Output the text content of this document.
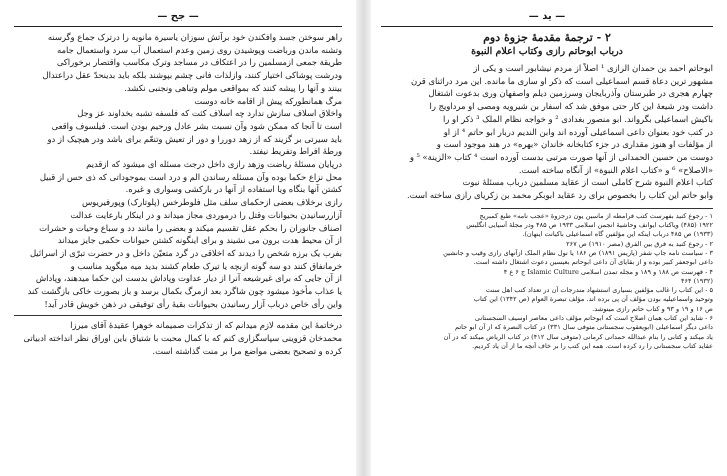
— جح —
راهر سوختن جسد وافکندن خود برآتش سوزان یاسیرة مانویه را درترک جماع وگرسنه
وتشنه ماندن ورباضت وپوشیدن روی زمین وعدم استعمال آب سرد واستعمال جامه
طریقة جمعی ازمسلمین را در اعتکاف در مساجد وترک مکاسب واقتصار برخوراکی
ودرشت پوشاکی اختیار کنند، وازلذات فانی چشم بپوشند بلکه باید بدینحدّ عقل دراعتدال
بینند و آنها را پیشه کنند که بمواقعی مولم وتباهی ونجنبی نکشد.
مرگ همانطورکه پیش از اقامه خانه دوست
واخلاق اسلاف سازش ندارد چه اسلاف کثت که فلسفه تشبه بخداوند عز وجل
است تا آنجا که ممکن شود وآن نسبت بشر عادل ورحیم بودن است. فیلسوف واقعی
باید سیرتی بر گزیند که از زهد دوررا و دور از تعیش وتنعّم برای باشد ودر هیچیک از دو
ورطهٔ افراط وتفریط نیفتد.
درپایان مسئلهٔ ریاضت وزهد رازی داخل درجث مسئله ای میشود که ازقدیم
محل نزاع حکما بوده وآن مسئله رساندن الم و درد است بموجوداتی که ذی حس از قبیل
کشتن آنها بنگاه ویا استفاده از آنها در بارکشی وسواری و غیره.
رازی برخلاف بعضی ازحکمای سلف مثل فلوطرخس (پلوتارک) وپورفیریوس
آزاررسانیدن بحیوانات وقتل را درموردی مجاز میداند و در اینکار بارعایت عدالت
اصناف جانوران را بحکم عقل تقسیم میکند و بعضی را مانند دد و سباع وحیات و حشرات
از آن محیط هدت برون می نشیند و برای اینگونه کشتن حیوانات حکمی جایز میداند
بفرب یک برزه شخص را دیدند که اخلاقی در گرد متعیّن داخل و در حضرت تبرّی از اسرائیل
خرمانفاق کنند دو سه گونه ازبچه یا تیرک طعام کشند بدید میه میگوید مناسب و
از آن جایی که برای غیرشیعه آنرا از دیار عداوت وپاداش بدست این حکما میدهند، وپاداش
یا عذاب مأخوذ میشود چون شاگرد بعد ازمرگ بکمال برسد و باز بصورت خاکی بازگشت کند
واین رأی خاص درباب آزار رسانیدن بحیوانات بقیهٔ رأی توفیقی در ذهن خویش قادر آید!
درخاتمهٔ این مقدمه لازم میدانم که از تذکرات صمیمانه خوهرا عقیدهٔ آقای میرزا
محمدخان قزوینی سپاسگزاری کنم که با کمال محبت با شتیاق باین اوراق نظر انداخته ادبیاتی
کرده و تصحیح بعضی مواضع مرا بر منت گذاشته است.
— ید —
۲ - ترجمهٔ مقدمهٔ جزوهٔ دوم
درباب ابوحاتم رازی وکتاب اعلام النبوة
ابوحاتم احمد بن حمدان الرازی ¹ اصلاً از مردم نیشابور است و یکی از
مشهور ترین دعاة قسم اسماعیلی است که ذکر او ساری ما مانده. این مرد دراثنای قرن
چهارم هجری در طبرستان وآذربایجان وسرزمین دیلم واصفهان وری بدعوت اشتغال
داشت ودر شیعهٔ این کار حتی موفق شد که اسفار بن شیرویه ومصی او مرداویج را
باکیش اسماعیلی بگرواند. ابو منصور بغدادی ² و خواجه نظام الملک ³ ذکر او را
در کتب خود بعنوان داعی اسماعیلی آورده اند وابن الندیم دربار ابو حاتم ⁴ از او
از مؤلفات او هنوز مقداری در جزء کتابخانه خاندان «بهره» در هند موجود است و
دوست من حسین الحمدانی از آنها صورت مرتبی بدست آورده است ⁴ کتاب «الزینة» ⁵ و
«الاصلاح» ⁶ و «کتاب اعلام النبوة» از آنگاه ساخته است.
کتاب اعلام النبوة شرح کاملی است از عقاید مسلمین درباب مسئلهٔ نبوت
وابو حاتم این کتاب را بخصوص برای رد عقاید ابوبکر محمد بن زکریای رازی ساخته است.
۱ - رجوع کنید بفهرست کتب فرامطه از ماسین یون درجزوهٔ «عجب نامه» طبع کمبریج
۱۹۲۲ (۴۸۵) ویاکتاب ایوانف وحاشیهٔ انجمن اسلامی ۱۹۳۳ ص ۴۸۵ ودر مجلهٔ آسیایی انگلیس
(۱۹۳۳) ص ۴۸۵ درباب اینکه این مؤلفین گاه اسماعیلی باکیانت اینهان).
۲ - رجوع کنید به فرق بین الفرق (مصر ۱۹۱۰) ص ۲۶۷
۳ - سیاست نامه جاپ شفر (پاریس ۱۸۹۱) ص ۱۸۶ یا نول نظام الملک ازآنهای رازی وقیب و جانشین
داعی ابوجعفر کبیر بوده و از بقایای آن داعی ابوحاتم بعیسین دعوت اشتغال داشته است.
۴ - فهرست ص ۱۸۸ و ۱۸۹ و مجله تمدن اسلامی Islamic Culture ج ۶ ع ۴
(۱۹۳۲) ۴۶۴
۵ - این کتاب را غالب مؤلفین بسیاری استشهاد مندرجات آن در تعداد کتب اهل سنت
وتوحید واسماعیلیه بودن مؤلف آن پی برده اند. مؤلف تبصرة العوام (ص ۱۳۴۲) این کتاب
ص ۱۶ و ۱۹ و ۹۳ و کتاب حاتم رازی مینوشد.
۶ - شاید این کتاب همان اصلاح است که ابوحاتم مؤلف داعی معاصر اوسیف السجستانی
داعی دیگر اسماعیلی (ابویعقوب سجستانی متوفی سال ۳۳۱) در کتاب النصرة که از آن ابو حاتم
یاد میکند و کتابی را بنام عبدالله حمدانی کرمانی (متوفی سال ۴۱۲) در کتاب الریاض میکند که در آن
عقاید کتاب سجستانی را رد کرده است. همه این کتب را بر خاف آنچه ما از آن یاد کردیم.
